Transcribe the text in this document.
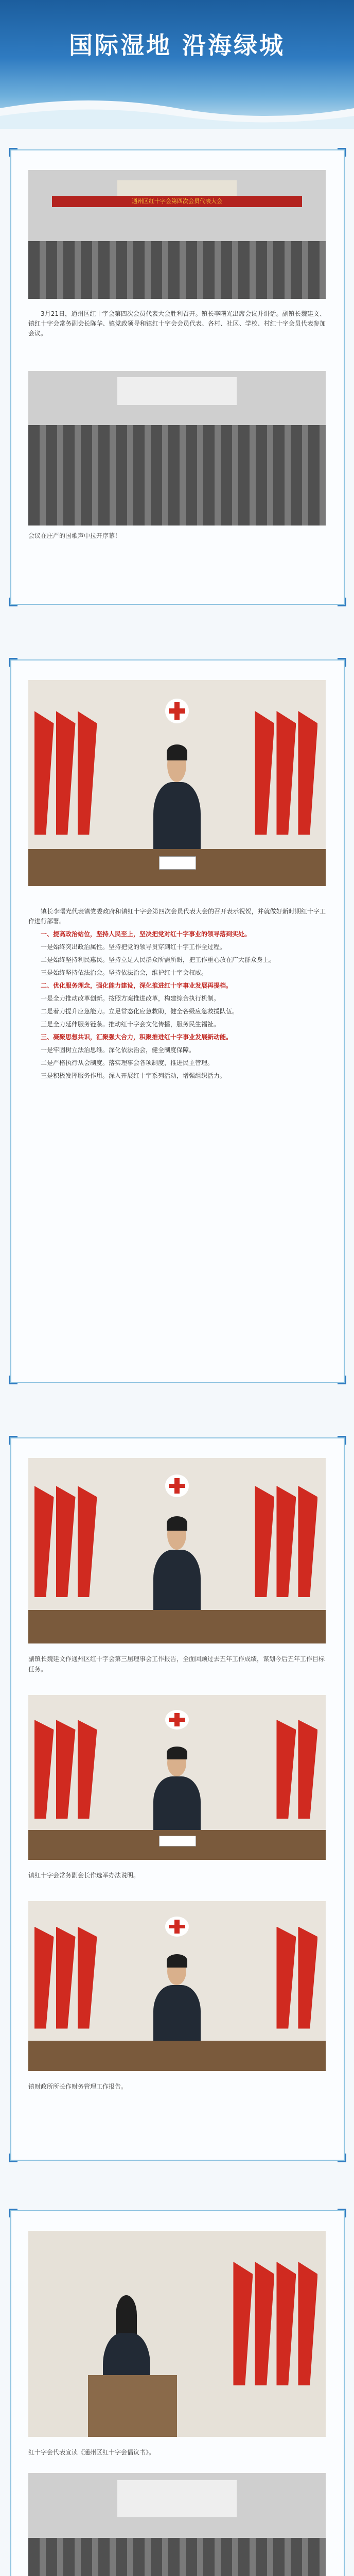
国际湿地 沿海绿城
通州区红十字会第四次会员代表大会

3月21日，通州区红十字会第四次会员代表大会胜利召开。镇长李曙光出席会议并讲话。副镇长魏建文、镇红十字会常务副会长陈华、镇党政领导和镇红十字会会员代表、各村、社区、学校、村红十字会员代表参加会议。

会议在庄严的国歌声中拉开序幕！

镇长李曙光代表镇党委政府和镇红十字会第四次会员代表大会的召开表示祝贺，并就做好新时期红十字工作进行部署。

一、提高政治站位，坚持人民至上，坚决把党对红十字事业的领导落到实处。

一是始终突出政治属性。坚持把党的领导贯穿到红十字工作全过程。

二是始终坚持利民惠民。坚持立足人民群众所需所盼，把工作重心放在广大群众身上。

三是始终坚持依法治会。坚持依法治会，维护红十字会权威。

二、优化服务理念，强化能力建设，深化推进红十字事业发展再提档。

一是全力推动改革创新。按照方案推进改革，构建综合执行机制。

二是着力提升应急能力。立足常态化应急救助，健全各级应急救援队伍。

三是全力延伸服务链条。推动红十字会文化传播，服务民生福祉。

三、凝聚思想共识，汇聚强大合力，积聚推进红十字事业发展新动能。

一是牢固树立法治思维。深化依法治会，健全制度保障。

二是严格执行从会制度。落实理事会各项制度，推进民主管理。

三是积极发挥服务作用。深入开展红十字系列活动，增强组织活力。

副镇长魏建文作通州区红十字会第三届理事会工作报告，全面回顾过去五年工作成绩，谋划今后五年工作目标任务。
镇红十字会常务副会长作选举办法说明。
镇财政所所长作财务管理工作报告。
红十字会代表宣读《通州区红十字会倡议书》。
